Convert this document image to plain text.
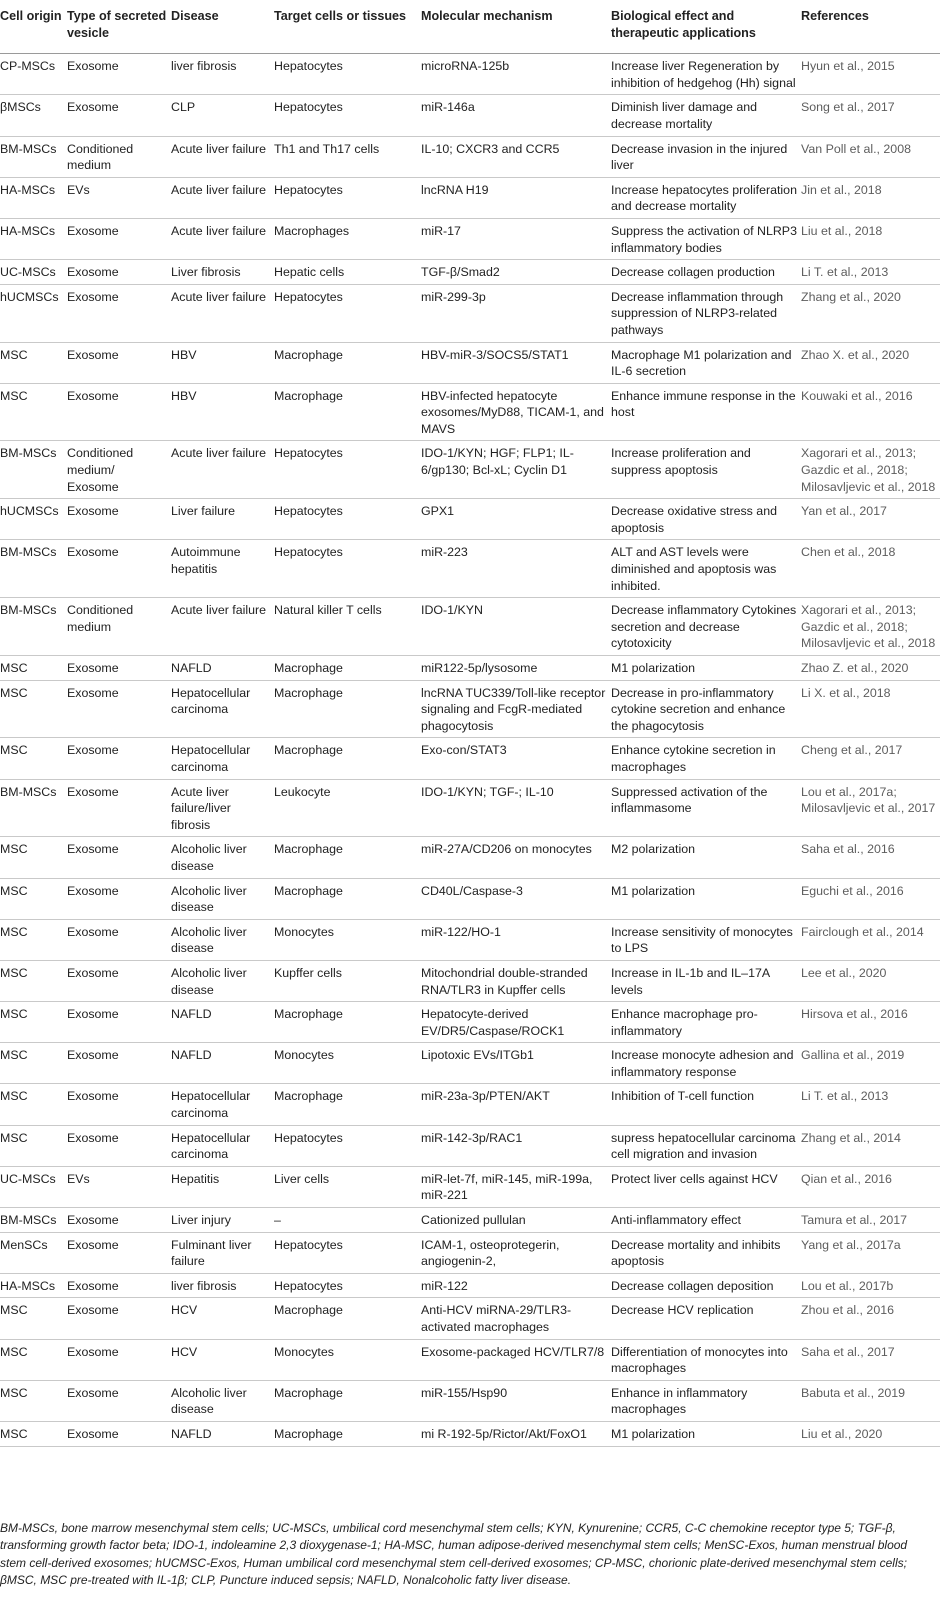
Cell origin	Type of secreted vesicle	Disease	Target cells or tissues	Molecular mechanism	Biological effect and therapeutic applications	References
CP-MSCs	Exosome	liver fibrosis	Hepatocytes	microRNA-125b	Increase liver Regeneration by inhibition of hedgehog (Hh) signal	Hyun et al., 2015
βMSCs	Exosome	CLP	Hepatocytes	miR-146a	Diminish liver damage and decrease mortality	Song et al., 2017
BM-MSCs	Conditioned medium	Acute liver failure	Th1 and Th17 cells	IL-10; CXCR3 and CCR5	Decrease invasion in the injured liver	Van Poll et al., 2008
HA-MSCs	EVs	Acute liver failure	Hepatocytes	lncRNA H19	Increase hepatocytes proliferation and decrease mortality	Jin et al., 2018
HA-MSCs	Exosome	Acute liver failure	Macrophages	miR-17	Suppress the activation of NLRP3 inflammatory bodies	Liu et al., 2018
UC-MSCs	Exosome	Liver fibrosis	Hepatic cells	TGF-β/Smad2	Decrease collagen production	Li T. et al., 2013
hUCMSCs	Exosome	Acute liver failure	Hepatocytes	miR-299-3p	Decrease inflammation through suppression of NLRP3-related pathways	Zhang et al., 2020
MSC	Exosome	HBV	Macrophage	HBV-miR-3/SOCS5/STAT1	Macrophage M1 polarization and IL-6 secretion	Zhao X. et al., 2020
MSC	Exosome	HBV	Macrophage	HBV-infected hepatocyte exosomes/MyD88, TICAM-1, and MAVS	Enhance immune response in the host	Kouwaki et al., 2016
BM-MSCs	Conditioned medium/ Exosome	Acute liver failure	Hepatocytes	IDO-1/KYN; HGF; FLP1; IL-6/gp130; Bcl-xL; Cyclin D1	Increase proliferation and suppress apoptosis	Xagorari et al., 2013; Gazdic et al., 2018; Milosavljevic et al., 2018
hUCMSCs	Exosome	Liver failure	Hepatocytes	GPX1	Decrease oxidative stress and apoptosis	Yan et al., 2017
BM-MSCs	Exosome	Autoimmune hepatitis	Hepatocytes	miR-223	ALT and AST levels were diminished and apoptosis was inhibited.	Chen et al., 2018
BM-MSCs	Conditioned medium	Acute liver failure	Natural killer T cells	IDO-1/KYN	Decrease inflammatory Cytokines secretion and decrease cytotoxicity	Xagorari et al., 2013; Gazdic et al., 2018; Milosavljevic et al., 2018
MSC	Exosome	NAFLD	Macrophage	miR122-5p/lysosome	M1 polarization	Zhao Z. et al., 2020
MSC	Exosome	Hepatocellular carcinoma	Macrophage	lncRNA TUC339/Toll-like receptor signaling and FcgR-mediated phagocytosis	Decrease in pro-inflammatory cytokine secretion and enhance the phagocytosis	Li X. et al., 2018
MSC	Exosome	Hepatocellular carcinoma	Macrophage	Exo-con/STAT3	Enhance cytokine secretion in macrophages	Cheng et al., 2017
BM-MSCs	Exosome	Acute liver failure/liver fibrosis	Leukocyte	IDO-1/KYN; TGF-; IL-10	Suppressed activation of the inflammasome	Lou et al., 2017a; Milosavljevic et al., 2017
MSC	Exosome	Alcoholic liver disease	Macrophage	miR-27A/CD206 on monocytes	M2 polarization	Saha et al., 2016
MSC	Exosome	Alcoholic liver disease	Macrophage	CD40L/Caspase-3	M1 polarization	Eguchi et al., 2016
MSC	Exosome	Alcoholic liver disease	Monocytes	miR-122/HO-1	Increase sensitivity of monocytes to LPS	Fairclough et al., 2014
MSC	Exosome	Alcoholic liver disease	Kupffer cells	Mitochondrial double-stranded RNA/TLR3 in Kupffer cells	Increase in IL-1b and IL–17A levels	Lee et al., 2020
MSC	Exosome	NAFLD	Macrophage	Hepatocyte-derived EV/DR5/Caspase/ROCK1	Enhance macrophage pro-inflammatory	Hirsova et al., 2016
MSC	Exosome	NAFLD	Monocytes	Lipotoxic EVs/ITGb1	Increase monocyte adhesion and inflammatory response	Gallina et al., 2019
MSC	Exosome	Hepatocellular carcinoma	Macrophage	miR-23a-3p/PTEN/AKT	Inhibition of T-cell function	Li T. et al., 2013
MSC	Exosome	Hepatocellular carcinoma	Hepatocytes	miR-142-3p/RAC1	supress hepatocellular carcinoma cell migration and invasion	Zhang et al., 2014
UC-MSCs	EVs	Hepatitis	Liver cells	miR-let-7f, miR-145, miR-199a, miR-221	Protect liver cells against HCV	Qian et al., 2016
BM-MSCs	Exosome	Liver injury	–	Cationized pullulan	Anti-inflammatory effect	Tamura et al., 2017
MenSCs	Exosome	Fulminant liver failure	Hepatocytes	ICAM-1, osteoprotegerin, angiogenin-2,	Decrease mortality and inhibits apoptosis	Yang et al., 2017a
HA-MSCs	Exosome	liver fibrosis	Hepatocytes	miR-122	Decrease collagen deposition	Lou et al., 2017b
MSC	Exosome	HCV	Macrophage	Anti-HCV miRNA-29/TLR3-activated macrophages	Decrease HCV replication	Zhou et al., 2016
MSC	Exosome	HCV	Monocytes	Exosome-packaged HCV/TLR7/8	Differentiation of monocytes into macrophages	Saha et al., 2017
MSC	Exosome	Alcoholic liver disease	Macrophage	miR-155/Hsp90	Enhance in inflammatory macrophages	Babuta et al., 2019
MSC	Exosome	NAFLD	Macrophage	mi R-192-5p/Rictor/Akt/FoxO1	M1 polarization	Liu et al., 2020
BM-MSCs, bone marrow mesenchymal stem cells; UC-MSCs, umbilical cord mesenchymal stem cells; KYN, Kynurenine; CCR5, C-C chemokine receptor type 5; TGF-β, transforming growth factor beta; IDO-1, indoleamine 2,3 dioxygenase-1; HA-MSC, human adipose-derived mesenchymal stem cells; MenSC-Exos, human menstrual blood stem cell-derived exosomes; hUCMSC-Exos, Human umbilical cord mesenchymal stem cell-derived exosomes; CP-MSC, chorionic plate-derived mesenchymal stem cells; βMSC, MSC pre-treated with IL-1β; CLP, Puncture induced sepsis; NAFLD, Nonalcoholic fatty liver disease.
